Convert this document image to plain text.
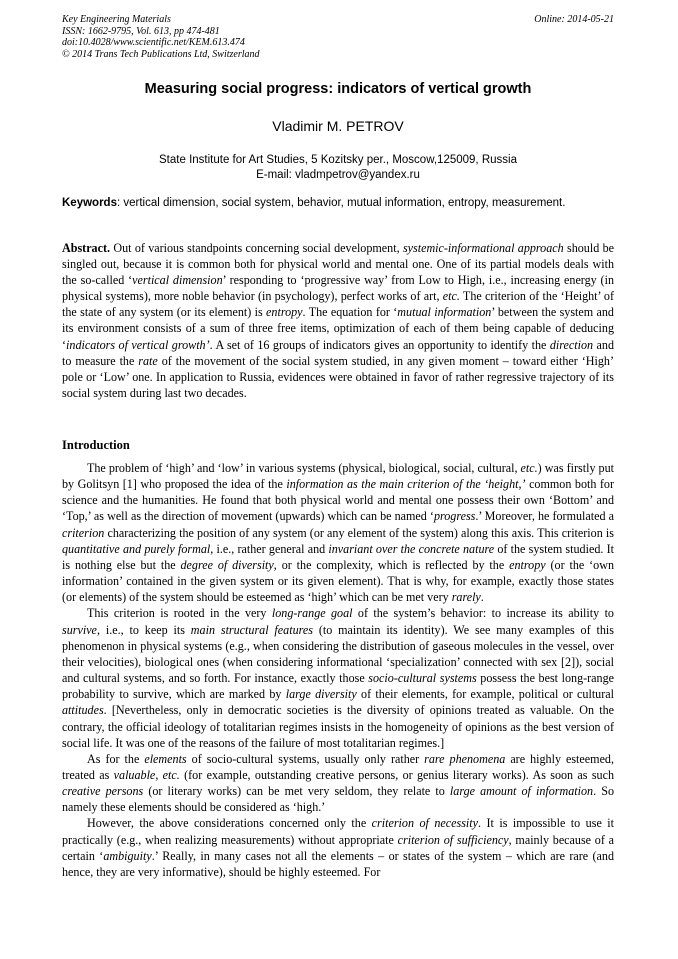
Key Engineering Materials
ISSN: 1662-9795, Vol. 613, pp 474-481
doi:10.4028/www.scientific.net/KEM.613.474
© 2014 Trans Tech Publications Ltd, Switzerland
Online: 2014-05-21
Measuring social progress: indicators of vertical growth
Vladimir M. PETROV
State Institute for Art Studies, 5 Kozitsky per., Moscow,125009, Russia
E-mail: vladmpetrov@yandex.ru
Keywords: vertical dimension, social system, behavior, mutual information, entropy, measurement.
Abstract. Out of various standpoints concerning social development, systemic-informational approach should be singled out, because it is common both for physical world and mental one. One of its partial models deals with the so-called ‘vertical dimension’ responding to ‘progressive way’ from Low to High, i.e., increasing energy (in physical systems), more noble behavior (in psychology), perfect works of art, etc. The criterion of the ‘Height’ of the state of any system (or its element) is entropy. The equation for ‘mutual information’ between the system and its environment consists of a sum of three free items, optimization of each of them being capable of deducing ‘indicators of vertical growth’. A set of 16 groups of indicators gives an opportunity to identify the direction and to measure the rate of the movement of the social system studied, in any given moment – toward either ‘High’ pole or ‘Low’ one. In application to Russia, evidences were obtained in favor of rather regressive trajectory of its social system during last two decades.
Introduction

The problem of ‘high’ and ‘low’ in various systems (physical, biological, social, cultural, etc.) was firstly put by Golitsyn [1] who proposed the idea of the information as the main criterion of the ‘height,’ common both for science and the humanities. He found that both physical world and mental one possess their own ‘Bottom’ and ‘Top,’ as well as the direction of movement (upwards) which can be named ‘progress.’ Moreover, he formulated a criterion characterizing the position of any system (or any element of the system) along this axis. This criterion is quantitative and purely formal, i.e., rather general and invariant over the concrete nature of the system studied. It is nothing else but the degree of diversity, or the complexity, which is reflected by the entropy (or the ‘own information’ contained in the given system or its given element). That is why, for example, exactly those states (or elements) of the system should be esteemed as ‘high’ which can be met very rarely.

This criterion is rooted in the very long-range goal of the system’s behavior: to increase its ability to survive, i.e., to keep its main structural features (to maintain its identity). We see many examples of this phenomenon in physical systems (e.g., when considering the distribution of gaseous molecules in the vessel, over their velocities), biological ones (when considering informational ‘specialization’ connected with sex [2]), social and cultural systems, and so forth. For instance, exactly those socio-cultural systems possess the best long-range probability to survive, which are marked by large diversity of their elements, for example, political or cultural attitudes. [Nevertheless, only in democratic societies is the diversity of opinions treated as valuable. On the contrary, the official ideology of totalitarian regimes insists in the homogeneity of opinions as the best version of social life. It was one of the reasons of the failure of most totalitarian regimes.]

As for the elements of socio-cultural systems, usually only rather rare phenomena are highly esteemed, treated as valuable, etc. (for example, outstanding creative persons, or genius literary works). As soon as such creative persons (or literary works) can be met very seldom, they relate to large amount of information. So namely these elements should be considered as ‘high.’

However, the above considerations concerned only the criterion of necessity. It is impossible to use it practically (e.g., when realizing measurements) without appropriate criterion of sufficiency, mainly because of a certain ‘ambiguity.’ Really, in many cases not all the elements – or states of the system – which are rare (and hence, they are very informative), should be highly esteemed. For
